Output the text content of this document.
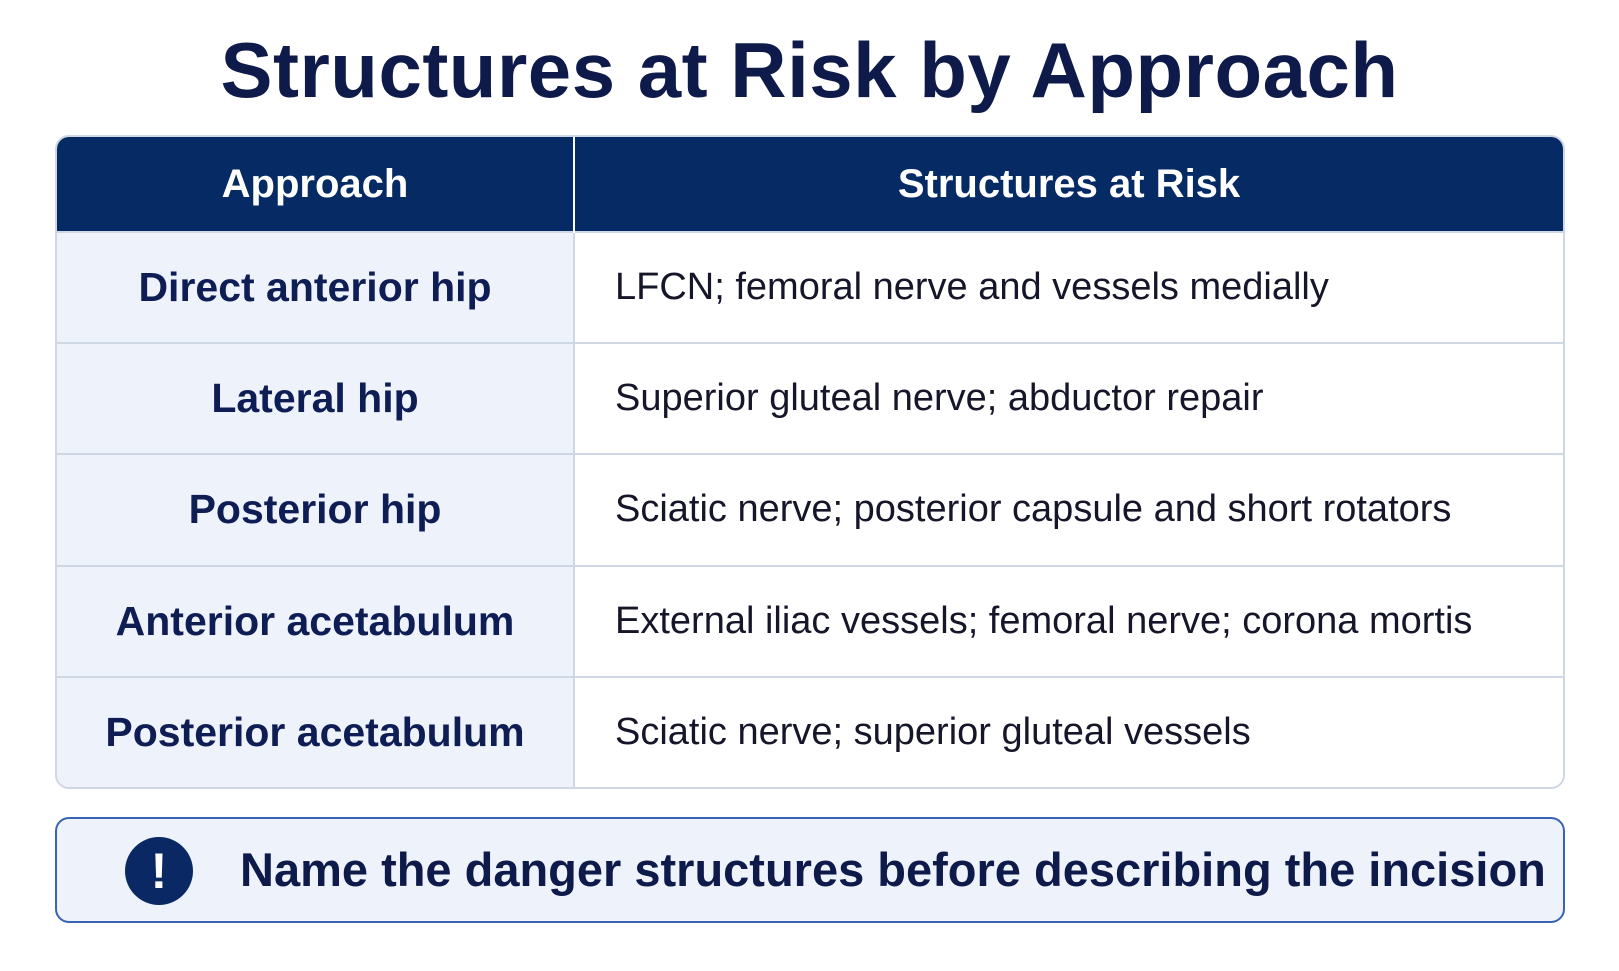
Structures at Risk by Approach
Approach	Structures at Risk
Direct anterior hip	LFCN; femoral nerve and vessels medially
Lateral hip	Superior gluteal nerve; abductor repair
Posterior hip	Sciatic nerve; posterior capsule and short rotators
Anterior acetabulum	External iliac vessels; femoral nerve; corona mortis
Posterior acetabulum	Sciatic nerve; superior gluteal vessels
!	Name the danger structures before describing the incision
